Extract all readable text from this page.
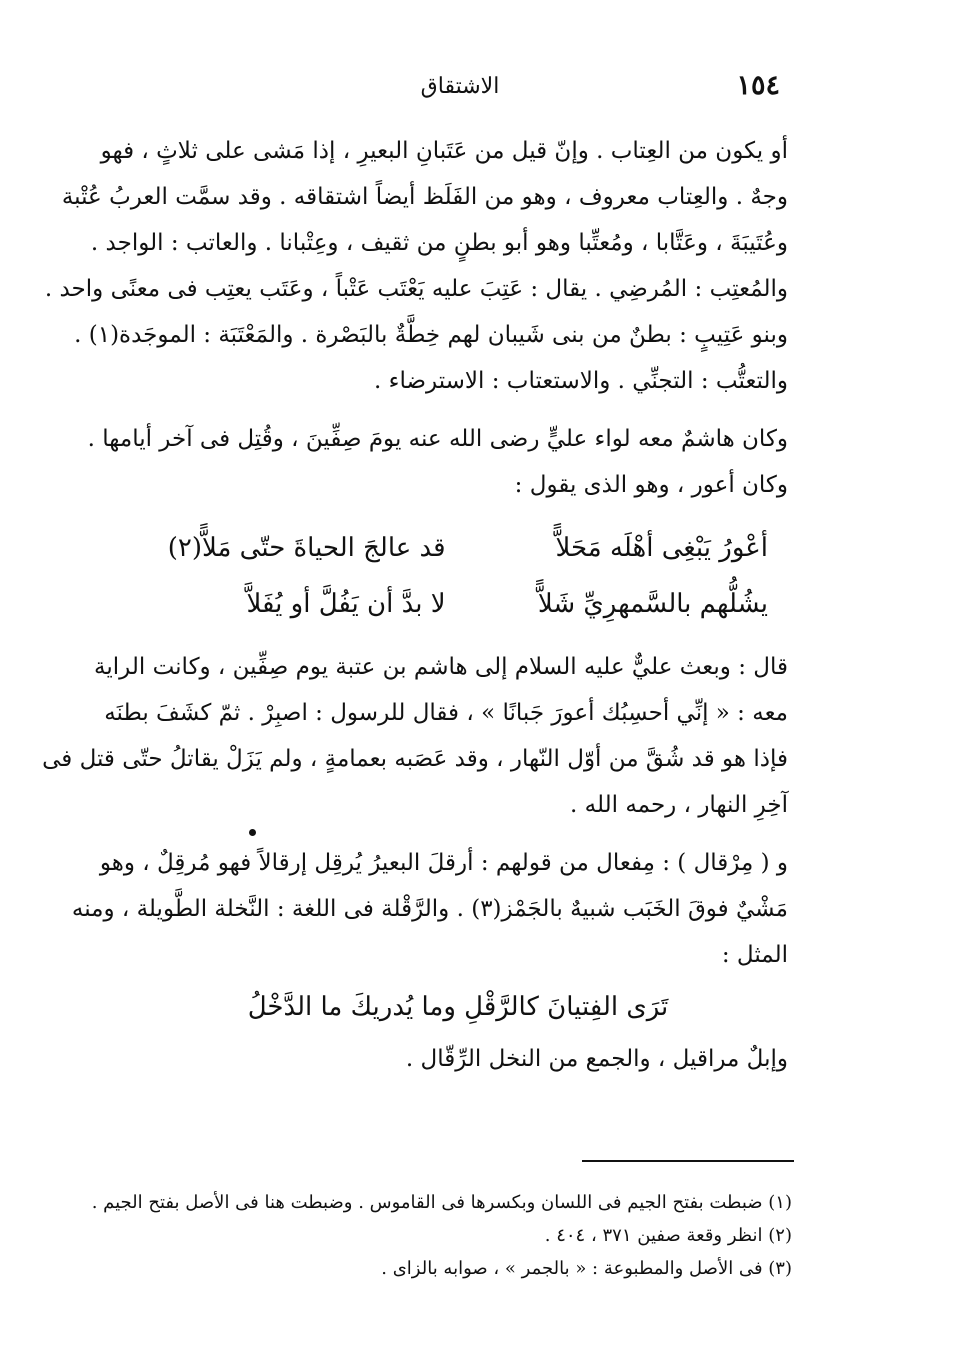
١٥٤
الاشتقاق
أو يكون من العِتاب . وإنّ قيل من عَتَبانِ البعيرِ ، إذا مَشى على ثلاثٍ ، فهو
وجهٌ . والعِتاب معروف ، وهو من الفَلَظ أيضاً اشتقاقه . وقد سمَّت العربُ عُتْبة
وعُتَيبَةَ ، وعَتَّابا ، ومُعتِّبا وهو أبو بطنٍ من ثقيف ، وعِتْبانا . والعاتب : الواجد .
والمُعتِب : المُرضِي . يقال : عَتِبَ عليه يَعْتَب عَتْباً ، وعَتَب يعتِب فى معنًى واحد .
وبنو عَتِيبٍ : بطنٌ من بنى شَيبان لهم خِطَّةٌ بالبَصْرة . والمَعْتَبَة : الموجَدة(١) .
والتعتُّب : التجنِّي . والاستعتاب : الاسترضاء .
وكان هاشمٌ معه لواء عليٍّ رضى الله عنه يومَ صِفِّينَ ، وقُتِل فى آخر أيامها .
وكان أعور ، وهو الذى يقول :
أعْورُ يَبْغِى أهْلَه مَحَلاًّ
قد عالجَ الحياةَ حتّى مَلاًّ(٢)
يشُلُّهم بالسَّمهرِيِّ شَلاًّ
لا بدَّ أن يَفُلَّ أو يُفَلاَّ
قال : وبعث عليٌّ عليه السلام إلى هاشم بن عتبة يوم صِفِّين ، وكانت الراية
معه : « إنِّي أحسِبُك أعورَ جَبانًا » ، فقال للرسول : اصبِرْ . ثمّ كشَفَ بطنَه
فإذا هو قد شُقَّ من أوّل النّهار ، وقد عَصَبه بعمامةٍ ، ولم يَزَلْ يقاتلُ حتّى قتل فى
آخِرِ النهار ، رحمه الله .
و ( مِرْقال ) : مِفعال من قولهم : أرقلَ البعيرُ يُرقِل إرقالاً فهو مُرقِلٌ ، وهو
مَشْيٌ فوقَ الخَبَب شبيهٌ بالجَمْز(٣) . والرَّقْلة فى اللغة : النَّخلة الطَّويلة ، ومنه
المثل :
تَرَى الفِتيانَ كالرَّقْلِ وما يُدريكَ ما الدَّخْلُ
وإبلٌ مراقيل ، والجمع من النخل الرِّقّال .
(١) ضبطت بفتح الجيم فى اللسان وبكسرها فى القاموس . وضبطت هنا فى الأصل بفتح الجيم .
(٢) انظر وقعة صفين ٣٧١ ، ٤٠٤ .
(٣) فى الأصل والمطبوعة : « بالجمر » ، صوابه بالزاى .
